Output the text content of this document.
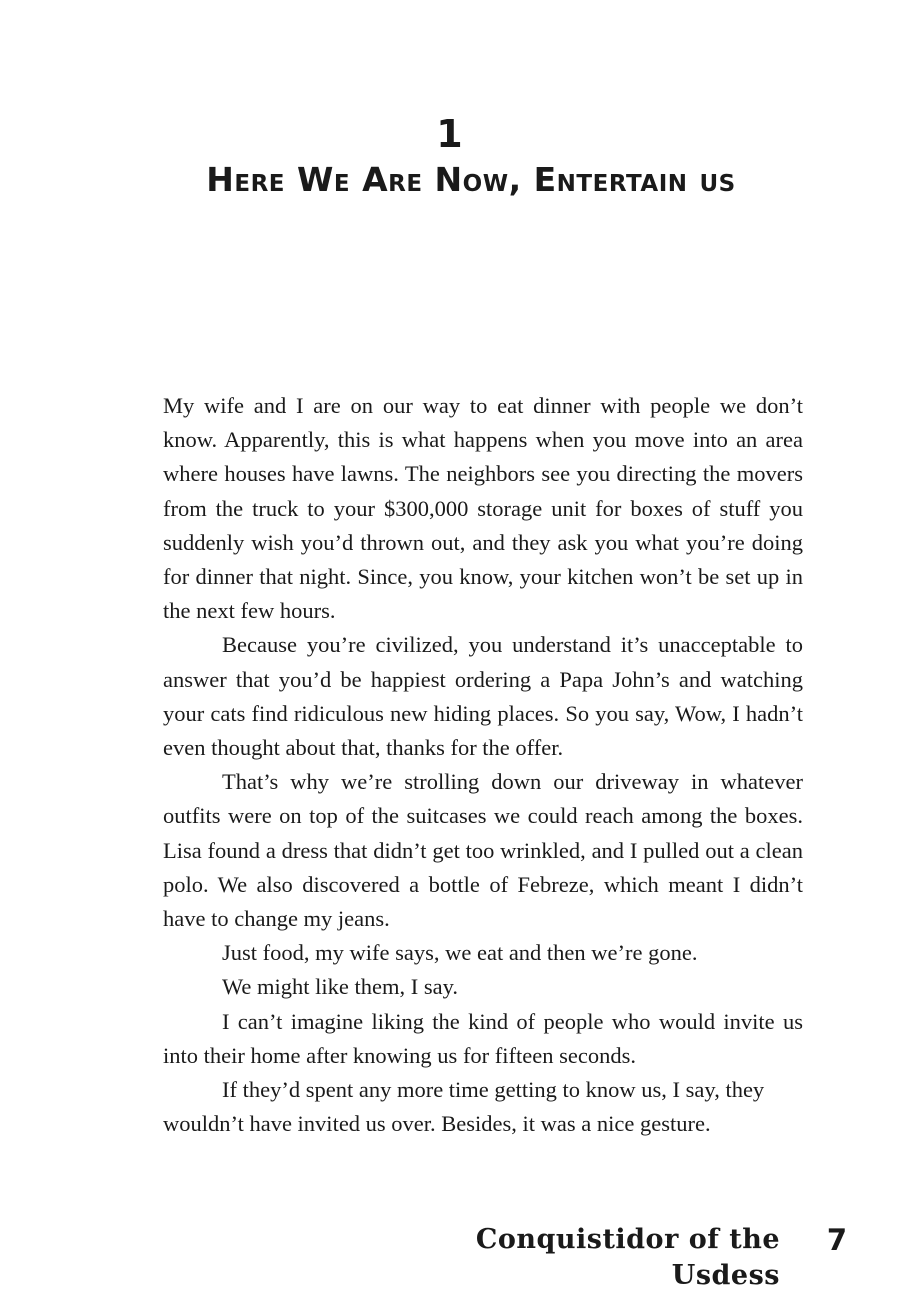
1
Here We Are Now, Entertain us

My wife and I are on our way to eat dinner with people we don’t know. Apparently, this is what happens when you move into an area where houses have lawns. The neighbors see you directing the movers from the truck to your $300,000 storage unit for boxes of stuff you suddenly wish you’d thrown out, and they ask you what you’re doing for dinner that night. Since, you know, your kitchen won’t be set up in the next few hours.

Because you’re civilized, you understand it’s unacceptable to answer that you’d be happiest ordering a Papa John’s and watching your cats find ridiculous new hiding places. So you say, Wow, I hadn’t even thought about that, thanks for the offer.

That’s why we’re strolling down our driveway in whatever outfits were on top of the suitcases we could reach among the boxes. Lisa found a dress that didn’t get too wrinkled, and I pulled out a clean polo. We also discovered a bottle of Febreze, which meant I didn’t have to change my jeans.

Just food, my wife says, we eat and then we’re gone.

We might like them, I say.

I can’t imagine liking the kind of people who would invite us into their home after knowing us for fifteen seconds.

If they’d spent any more time getting to know us, I say, they wouldn’t have invited us over. Besides, it was a nice gesture.

Conquistidor of the Usdess
7
